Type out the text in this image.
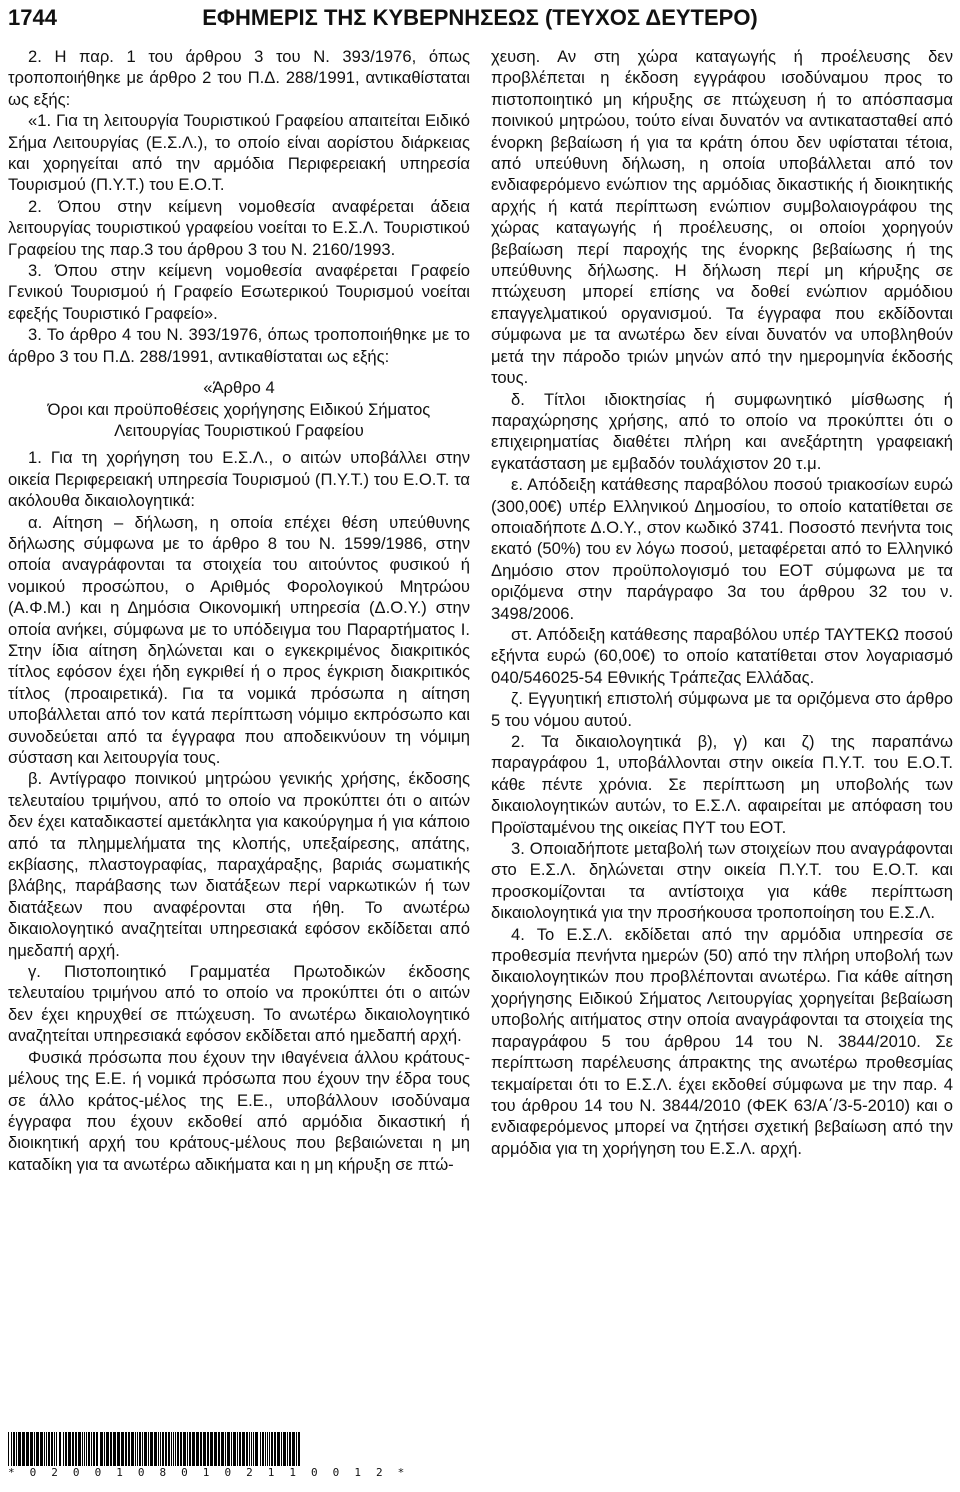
1744	ΕΦΗΜΕΡΙΣ ΤΗΣ ΚΥΒΕΡΝΗΣΕΩΣ (ΤΕΥΧΟΣ ΔΕΥΤΕΡΟ)

2. Η παρ. 1 του άρθρου 3 του Ν. 393/1976, όπως τροποποιήθηκε με άρθρο 2 του Π.Δ. 288/1991, αντικαθίσταται ως εξής:

«1. Για τη λειτουργία Τουριστικού Γραφείου απαιτείται Ειδικό Σήμα Λειτουργίας (Ε.Σ.Λ.), το οποίο είναι αορίστου διάρκειας και χορηγείται από την αρμόδια Περιφερειακή υπηρεσία Τουρισμού (Π.Υ.Τ.) του Ε.Ο.Τ.

2. Όπου στην κείμενη νομοθεσία αναφέρεται άδεια λειτουργίας τουριστικού γραφείου νοείται το Ε.Σ.Λ. Τουριστικού Γραφείου της παρ.3 του άρθρου 3 του Ν. 2160/1993.

3. Όπου στην κείμενη νομοθεσία αναφέρεται Γραφείο Γενικού Τουρισμού ή Γραφείο Εσωτερικού Τουρισμού νοείται εφεξής Τουριστικό Γραφείο».

3. Το άρθρο 4 του Ν. 393/1976, όπως τροποποιήθηκε με το άρθρο 3 του Π.Δ. 288/1991, αντικαθίσταται ως εξής:

«Άρθρο 4

Όροι και προϋποθέσεις χορήγησης Ειδικού Σήματος Λειτουργίας Τουριστικού Γραφείου

1. Για τη χορήγηση του Ε.Σ.Λ., ο αιτών υποβάλλει στην οικεία Περιφερειακή υπηρεσία Τουρισμού (Π.Υ.Τ.) του Ε.Ο.Τ. τα ακόλουθα δικαιολογητικά:

α. Αίτηση – δήλωση, η οποία επέχει θέση υπεύθυνης δήλωσης σύμφωνα με το άρθρο 8 του Ν. 1599/1986, στην οποία αναγράφονται τα στοιχεία του αιτούντος φυσικού ή νομικού προσώπου, ο Αριθμός Φορολογικού Μητρώου (Α.Φ.Μ.) και η Δημόσια Οικονομική υπηρεσία (Δ.Ο.Υ.) στην οποία ανήκει, σύμφωνα με το υπόδειγμα του Παραρτήματος Ι. Στην ίδια αίτηση δηλώνεται και ο εγκεκριμένος διακριτικός τίτλος εφόσον έχει ήδη εγκριθεί ή ο προς έγκριση διακριτικός τίτλος (προαιρετικά). Για τα νομικά πρόσωπα η αίτηση υποβάλλεται από τον κατά περίπτωση νόμιμο εκπρόσωπο και συνοδεύεται από τα έγγραφα που αποδεικνύουν τη νόμιμη σύσταση και λειτουργία τους.

β. Αντίγραφο ποινικού μητρώου γενικής χρήσης, έκδοσης τελευταίου τριμήνου, από το οποίο να προκύπτει ότι ο αιτών δεν έχει καταδικαστεί αμετάκλητα για κακούργημα ή για κάποιο από τα πλημμελήματα της κλοπής, υπεξαίρεσης, απάτης, εκβίασης, πλαστογραφίας, παραχάραξης, βαριάς σωματικής βλάβης, παράβασης των διατάξεων περί ναρκωτικών ή των διατάξεων που αναφέρονται στα ήθη. Το ανωτέρω δικαιολογητικό αναζητείται υπηρεσιακά εφόσον εκδίδεται από ημεδαπή αρχή.

γ. Πιστοποιητικό Γραμματέα Πρωτοδικών έκδοσης τελευταίου τριμήνου από το οποίο να προκύπτει ότι ο αιτών δεν έχει κηρυχθεί σε πτώχευση. Το ανωτέρω δικαιολογητικό αναζητείται υπηρεσιακά εφόσον εκδίδεται από ημεδαπή αρχή.

Φυσικά πρόσωπα που έχουν την ιθαγένεια άλλου κράτους-μέλους της Ε.Ε. ή νομικά πρόσωπα που έχουν την έδρα τους σε άλλο κράτος-μέλος της Ε.Ε., υποβάλλουν ισοδύναμα έγγραφα που έχουν εκδοθεί από αρμόδια δικαστική ή διοικητική αρχή του κράτους-μέλους που βεβαιώνεται η μη καταδίκη για τα ανωτέρω αδικήματα και η μη κήρυξη σε πτώ-

χευση. Αν στη χώρα καταγωγής ή προέλευσης δεν προβλέπεται η έκδοση εγγράφου ισοδύναμου προς το πιστοποιητικό μη κήρυξης σε πτώχευση ή το απόσπασμα ποινικού μητρώου, τούτο είναι δυνατόν να αντικατασταθεί από ένορκη βεβαίωση ή για τα κράτη όπου δεν υφίσταται τέτοια, από υπεύθυνη δήλωση, η οποία υποβάλλεται από τον ενδιαφερόμενο ενώπιον της αρμόδιας δικαστικής ή διοικητικής αρχής ή κατά περίπτωση ενώπιον συμβολαιογράφου της χώρας καταγωγής ή προέλευσης, οι οποίοι χορηγούν βεβαίωση περί παροχής της ένορκης βεβαίωσης ή της υπεύθυνης δήλωσης. Η δήλωση περί μη κήρυξης σε πτώχευση μπορεί επίσης να δοθεί ενώπιον αρμόδιου επαγγελματικού οργανισμού. Τα έγγραφα που εκδίδονται σύμφωνα με τα ανωτέρω δεν είναι δυνατόν να υποβληθούν μετά την πάροδο τριών μηνών από την ημερομηνία έκδοσής τους.

δ. Τίτλοι ιδιοκτησίας ή συμφωνητικό μίσθωσης ή παραχώρησης χρήσης, από το οποίο να προκύπτει ότι ο επιχειρηματίας διαθέτει πλήρη και ανεξάρτητη γραφειακή εγκατάσταση με εμβαδόν τουλάχιστον 20 τ.μ.

ε. Απόδειξη κατάθεσης παραβόλου ποσού τριακοσίων ευρώ (300,00€) υπέρ Ελληνικού Δημοσίου, το οποίο κατατίθεται σε οποιαδήποτε Δ.Ο.Υ., στον κωδικό 3741. Ποσοστό πενήντα τοις εκατό (50%) του εν λόγω ποσού, μεταφέρεται από το Ελληνικό Δημόσιο στον προϋπολογισμό του ΕΟΤ σύμφωνα με τα οριζόμενα στην παράγραφο 3α του άρθρου 32 του ν. 3498/2006.

στ. Απόδειξη κατάθεσης παραβόλου υπέρ ΤΑΥΤΕΚΩ ποσού εξήντα ευρώ (60,00€) το οποίο κατατίθεται στον λογαριασμό 040/546025-54 Εθνικής Τράπεζας Ελλάδας.

ζ. Εγγυητική επιστολή σύμφωνα με τα οριζόμενα στο άρθρο 5 του νόμου αυτού.

2. Τα δικαιολογητικά β), γ) και ζ) της παραπάνω παραγράφου 1, υποβάλλονται στην οικεία Π.Υ.Τ. του Ε.Ο.Τ. κάθε πέντε χρόνια. Σε περίπτωση μη υποβολής των δικαιολογητικών αυτών, το Ε.Σ.Λ. αφαιρείται με απόφαση του Προϊσταμένου της οικείας ΠΥΤ του ΕΟΤ.

3. Οποιαδήποτε μεταβολή των στοιχείων που αναγράφονται στο Ε.Σ.Λ. δηλώνεται στην οικεία Π.Υ.Τ. του Ε.Ο.Τ. και προσκομίζονται τα αντίστοιχα για κάθε περίπτωση δικαιολογητικά για την προσήκουσα τροποποίηση του Ε.Σ.Λ.

4. Το Ε.Σ.Λ. εκδίδεται από την αρμόδια υπηρεσία σε προθεσμία πενήντα ημερών (50) από την πλήρη υποβολή των δικαιολογητικών που προβλέπονται ανωτέρω. Για κάθε αίτηση χορήγησης Ειδικού Σήματος Λειτουργίας χορηγείται βεβαίωση υποβολής αιτήματος στην οποία αναγράφονται τα στοιχεία της παραγράφου 5 του άρθρου 14 του Ν. 3844/2010. Σε περίπτωση παρέλευσης άπρακτης της ανωτέρω προθεσμίας τεκμαίρεται ότι το Ε.Σ.Λ. έχει εκδοθεί σύμφωνα με την παρ. 4 του άρθρου 14 του Ν. 3844/2010 (ΦΕΚ 63/Α΄/3-5-2010) και ο ενδιαφερόμενος μπορεί να ζητήσει σχετική βεβαίωση από την αρμόδια για τη χορήγηση του Ε.Σ.Λ. αρχή.

* 0 2 0 0 1 0 8 0 1 0 2 1 1 0 0 1 2 *
